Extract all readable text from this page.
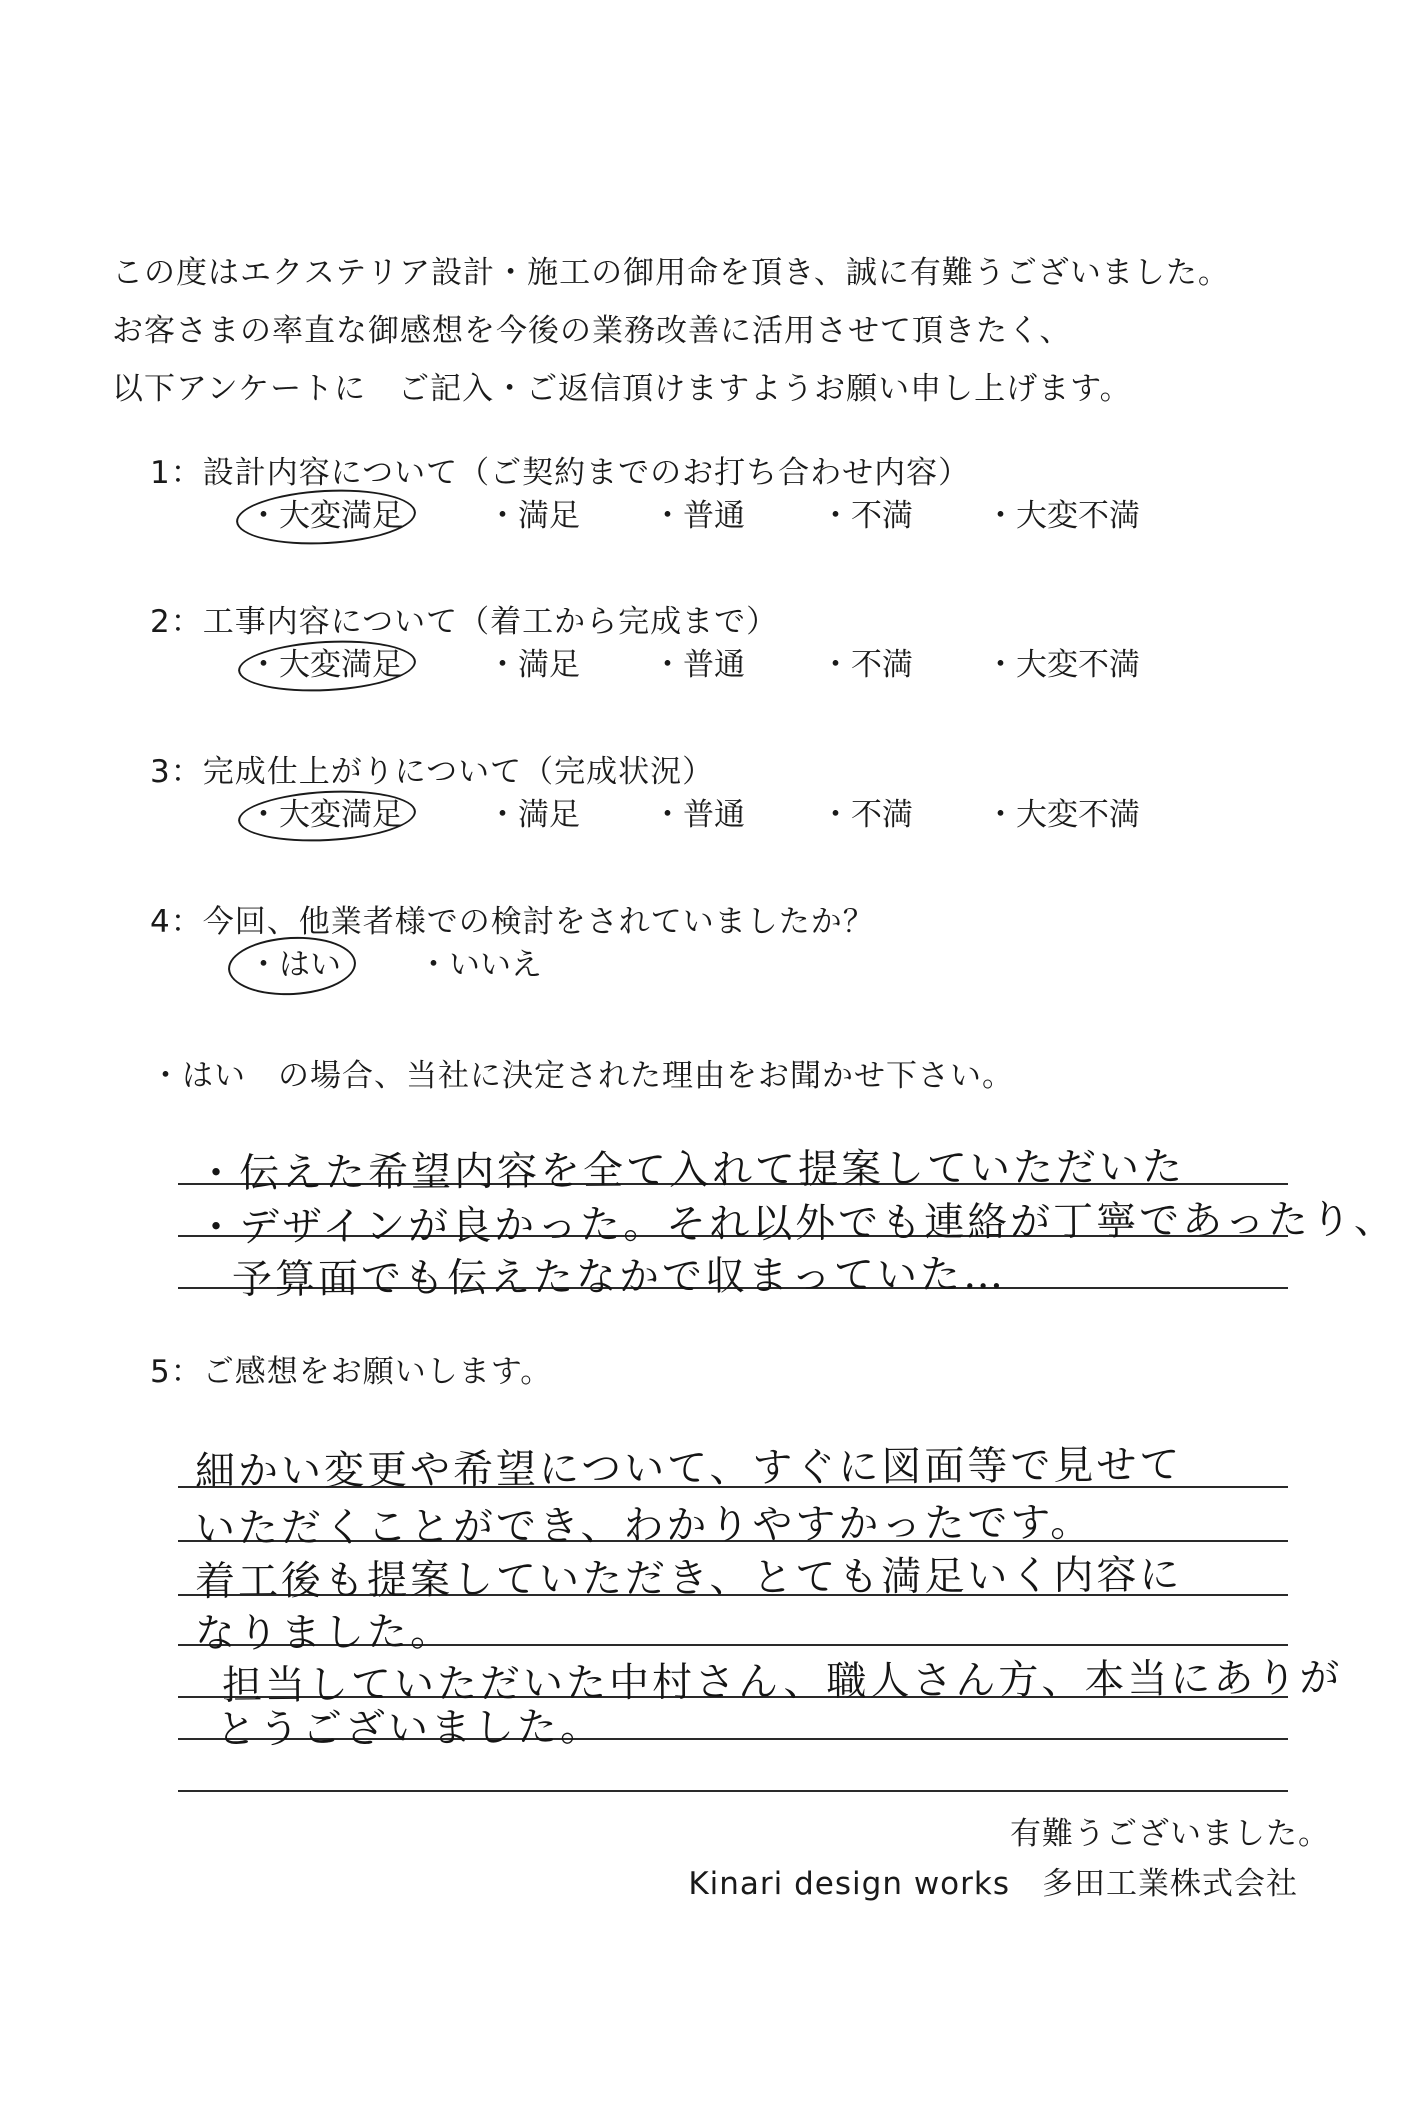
この度はエクステリア設計・施工の御用命を頂き、誠に有難うございました。
お客さまの率直な御感想を今後の業務改善に活用させて頂きたく、
以下アンケートに　ご記入・ご返信頂けますようお願い申し上げます。
1：設計内容について（ご契約までのお打ち合わせ内容）
・大変満足	・満足 ・普通 ・不満 ・大変不満
2：工事内容について（着工から完成まで）
・大変満足	・満足 ・普通 ・不満 ・大変不満
3：完成仕上がりについて（完成状況）
・大変満足	・満足 ・普通 ・不満 ・大変不満
4：今回、他業者様での検討をされていましたか？
・はい ・いいえ
・はい　の場合、当社に決定された理由をお聞かせ下さい。
・伝えた希望内容を全て入れて提案していただいた
・デザインが良かった。それ以外でも連絡が丁寧であったり、
予算面でも伝えたなかで収まっていた…
5：ご感想をお願いします。
細かい変更や希望について、すぐに図面等で見せて
いただくことができ、わかりやすかったです。
着工後も提案していただき、とても満足いく内容に
なりました。
担当していただいた中村さん、職人さん方、本当にありが
とうございました。
有難うございました。
Kinari design works　多田工業株式会社
